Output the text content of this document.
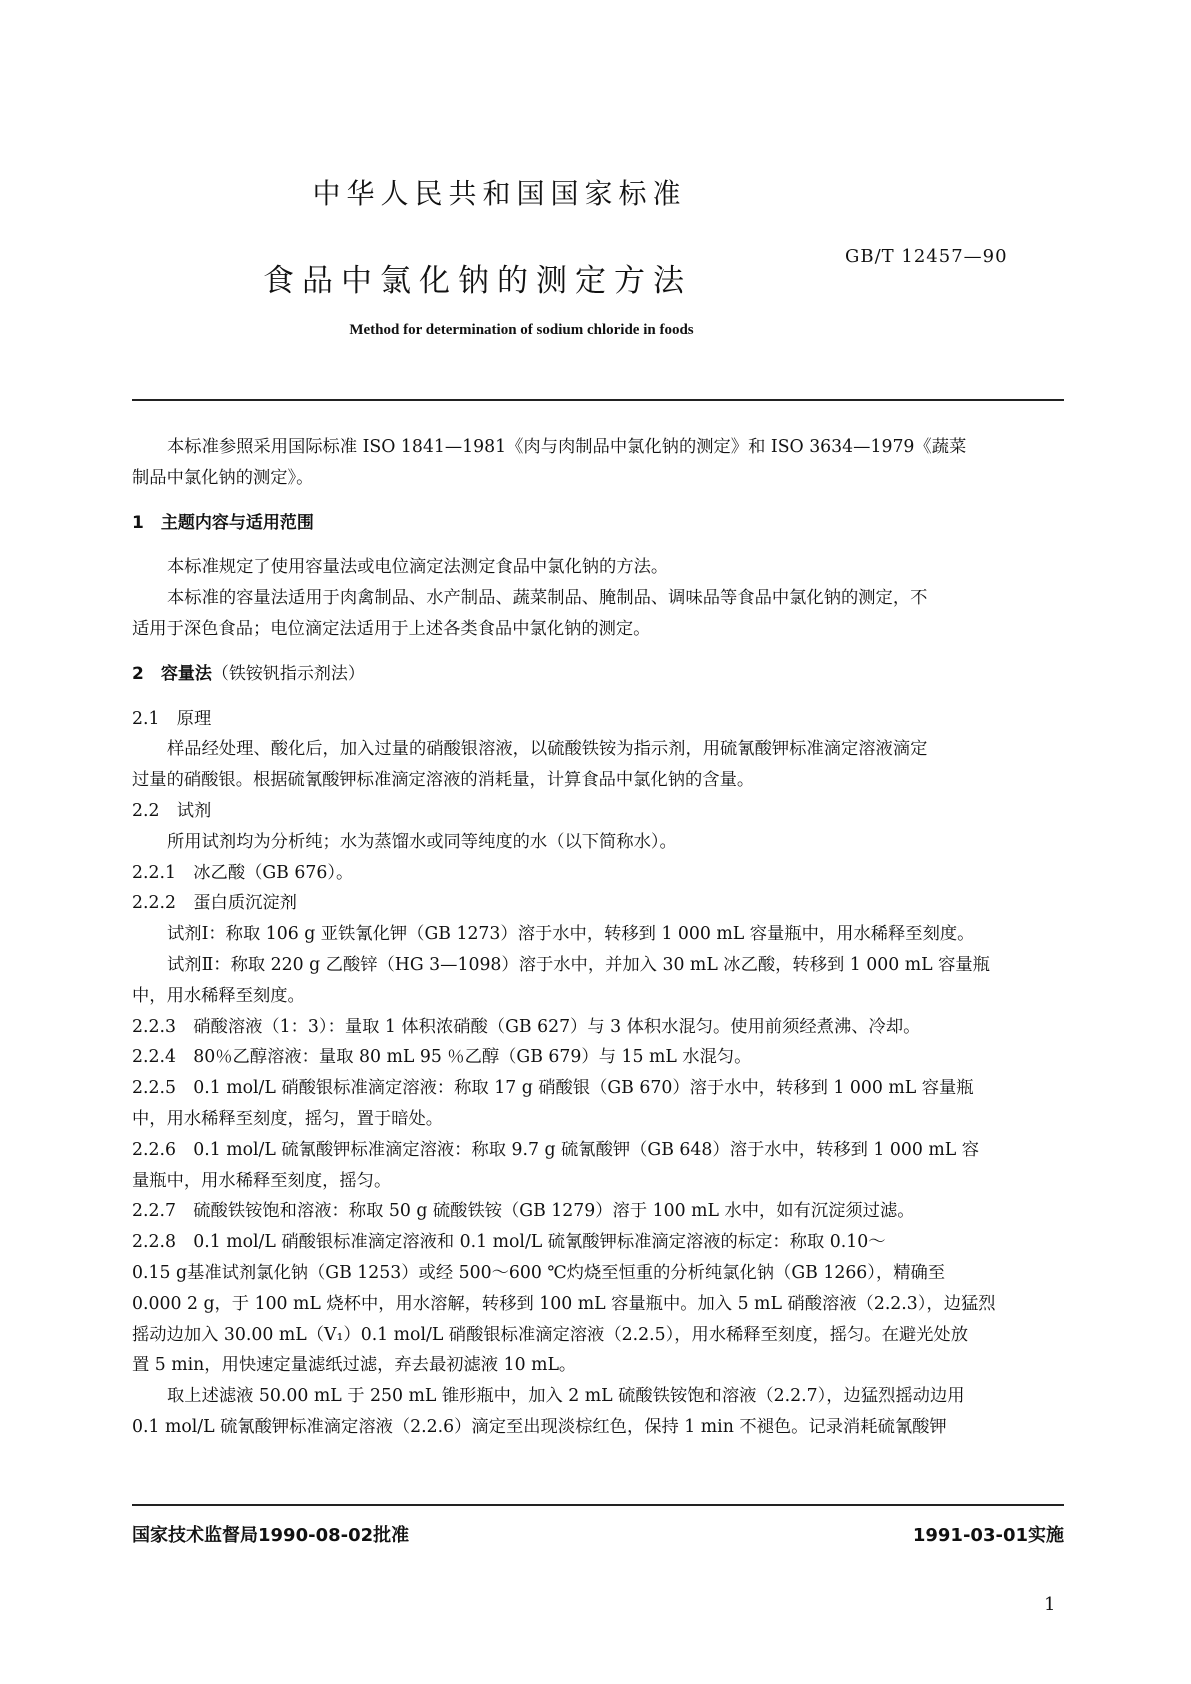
中华人民共和国国家标准
GB/T 12457—90
食品中氯化钠的测定方法
Method for determination of sodium chloride in foods

本标准参照采用国际标准 ISO 1841—1981《肉与肉制品中氯化钠的测定》和 ISO 3634—1979《蔬菜

制品中氯化钠的测定》。

1　主题内容与适用范围

本标准规定了使用容量法或电位滴定法测定食品中氯化钠的方法。

本标准的容量法适用于肉禽制品、水产制品、蔬菜制品、腌制品、调味品等食品中氯化钠的测定，不

适用于深色食品；电位滴定法适用于上述各类食品中氯化钠的测定。

2　容量法（铁铵钒指示剂法）

2.1　原理

样品经处理、酸化后，加入过量的硝酸银溶液，以硫酸铁铵为指示剂，用硫氰酸钾标准滴定溶液滴定

过量的硝酸银。根据硫氰酸钾标准滴定溶液的消耗量，计算食品中氯化钠的含量。

2.2　试剂

所用试剂均为分析纯；水为蒸馏水或同等纯度的水（以下简称水）。

2.2.1　冰乙酸（GB 676）。

2.2.2　蛋白质沉淀剂

试剂Ⅰ：称取 106 g 亚铁氰化钾（GB 1273）溶于水中，转移到 1 000 mL 容量瓶中，用水稀释至刻度。

试剂Ⅱ：称取 220 g 乙酸锌（HG 3—1098）溶于水中，并加入 30 mL 冰乙酸，转移到 1 000 mL 容量瓶

中，用水稀释至刻度。

2.2.3　硝酸溶液（1：3）：量取 1 体积浓硝酸（GB 627）与 3 体积水混匀。使用前须经煮沸、冷却。

2.2.4　80％乙醇溶液：量取 80 mL 95 ％乙醇（GB 679）与 15 mL 水混匀。

2.2.5　0.1 mol/L 硝酸银标准滴定溶液：称取 17 g 硝酸银（GB 670）溶于水中，转移到 1 000 mL 容量瓶

中，用水稀释至刻度，摇匀，置于暗处。

2.2.6　0.1 mol/L 硫氰酸钾标准滴定溶液：称取 9.7 g 硫氰酸钾（GB 648）溶于水中，转移到 1 000 mL 容

量瓶中，用水稀释至刻度，摇匀。

2.2.7　硫酸铁铵饱和溶液：称取 50 g 硫酸铁铵（GB 1279）溶于 100 mL 水中，如有沉淀须过滤。

2.2.8　0.1 mol/L 硝酸银标准滴定溶液和 0.1 mol/L 硫氰酸钾标准滴定溶液的标定：称取 0.10～

0.15 g基准试剂氯化钠（GB 1253）或经 500～600 ℃灼烧至恒重的分析纯氯化钠（GB 1266），精确至

0.000 2 g，于 100 mL 烧杯中，用水溶解，转移到 100 mL 容量瓶中。加入 5 mL 硝酸溶液（2.2.3），边猛烈

摇动边加入 30.00 mL（V₁）0.1 mol/L 硝酸银标准滴定溶液（2.2.5），用水稀释至刻度，摇匀。在避光处放

置 5 min，用快速定量滤纸过滤，弃去最初滤液 10 mL。

取上述滤液 50.00 mL 于 250 mL 锥形瓶中，加入 2 mL 硫酸铁铵饱和溶液（2.2.7），边猛烈摇动边用

0.1 mol/L 硫氰酸钾标准滴定溶液（2.2.6）滴定至出现淡棕红色，保持 1 min 不褪色。记录消耗硫氰酸钾

国家技术监督局1990-08-02批准	1991-03-01实施
1
